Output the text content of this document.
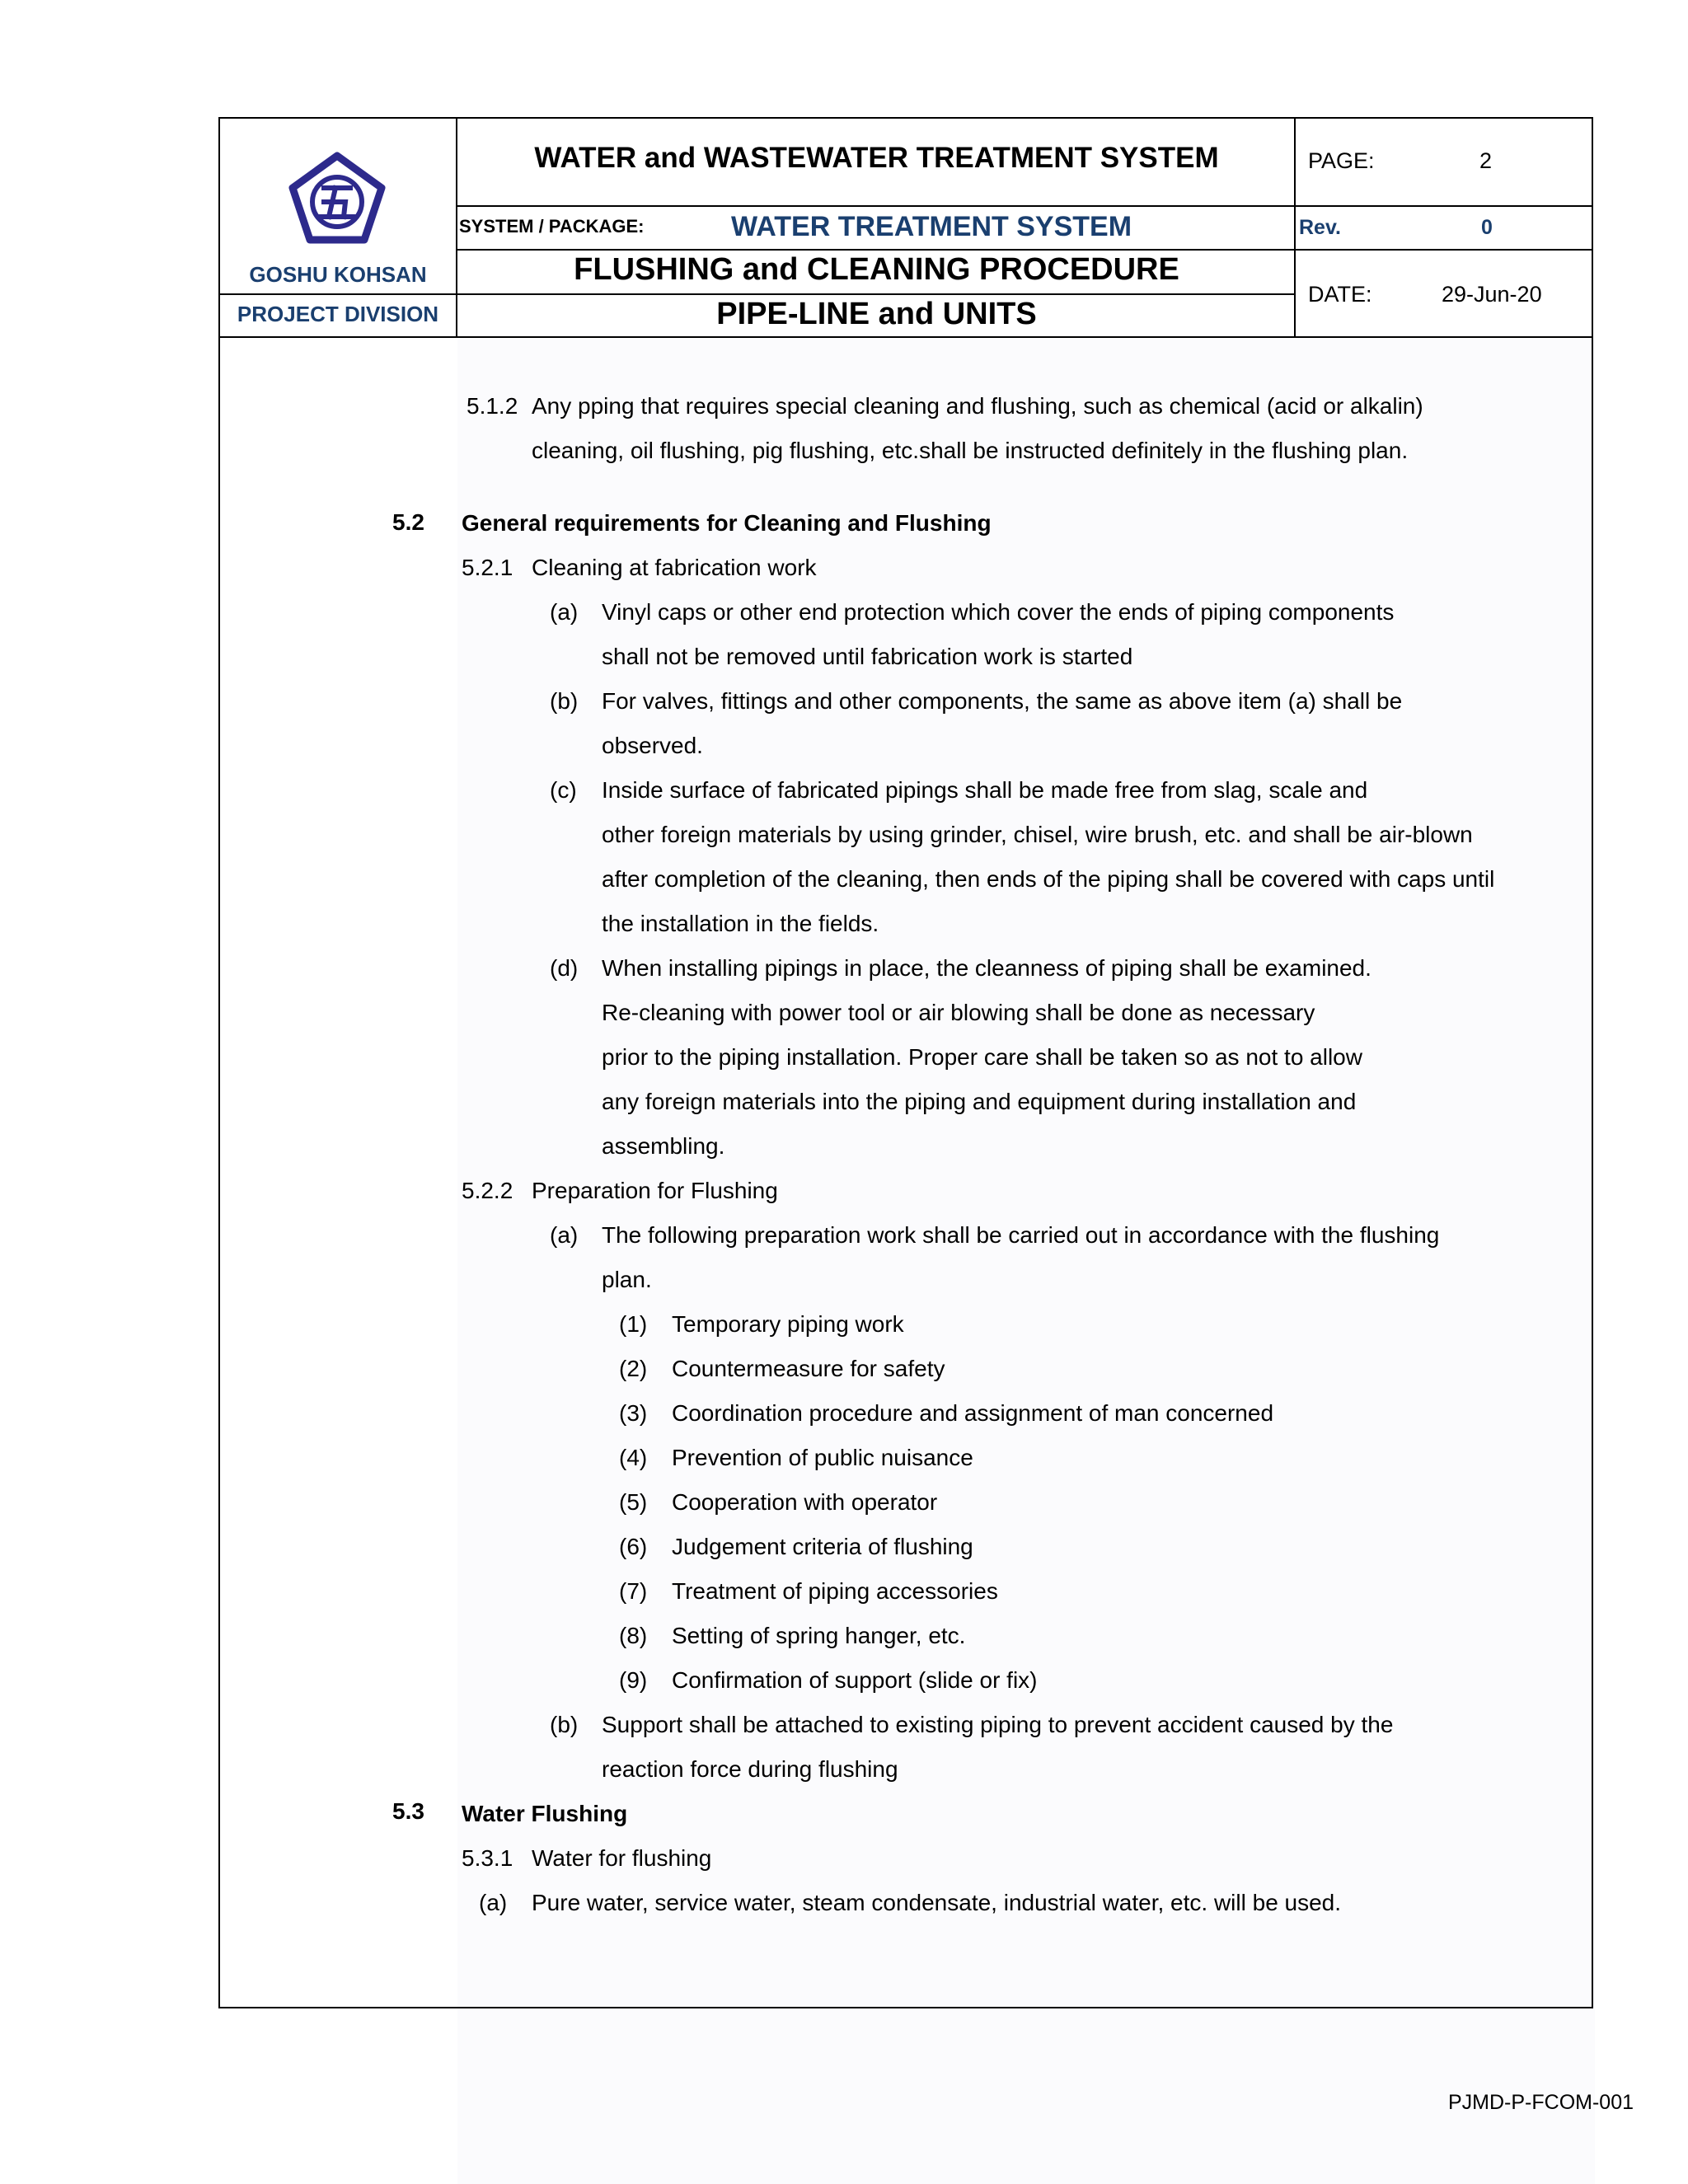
GOSHU KOHSAN
PROJECT DIVISION
WATER and WASTEWATER TREATMENT SYSTEM
SYSTEM / PACKAGE:	WATER TREATMENT SYSTEM
FLUSHING and CLEANING PROCEDURE
PIPE-LINE and UNITS
PAGE:	2
Rev.	0
DATE:	29-Jun-20
5.1.2 Any pping that requires special cleaning and flushing, such as chemical (acid or alkalin)
cleaning, oil flushing, pig flushing, etc.shall be instructed definitely in the flushing plan.
5.2 General requirements for Cleaning and Flushing
5.2.1 Cleaning at fabrication work
(a) Vinyl caps or other end protection which cover the ends of piping components
shall not be removed until fabrication work is started
(b) For valves, fittings and other components, the same as above item (a) shall be
observed.
(c) Inside surface of fabricated pipings shall be made free from slag, scale and
other foreign materials by using grinder, chisel, wire brush, etc. and shall be air-blown
after completion of the cleaning, then ends of the piping shall be covered with caps until
the installation in the fields.
(d) When installing pipings in place, the cleanness of piping shall be examined.
Re-cleaning with power tool or air blowing shall be done as necessary
prior to the piping installation. Proper care shall be taken so as not to allow
any foreign materials into the piping and equipment during installation and
assembling.
5.2.2 Preparation for Flushing
(a) The following preparation work shall be carried out in accordance with the flushing
plan.
(1) Temporary piping work
(2) Countermeasure for safety
(3) Coordination procedure and assignment of man concerned
(4) Prevention of public nuisance
(5) Cooperation with operator
(6) Judgement criteria of flushing
(7) Treatment of piping accessories
(8) Setting of spring hanger, etc.
(9) Confirmation of support (slide or fix)
(b) Support shall be attached to existing piping to prevent accident caused by the
reaction force during flushing
5.3 Water Flushing
5.3.1 Water for flushing
(a) Pure water, service water, steam condensate, industrial water, etc. will be used.
PJMD-P-FCOM-001
